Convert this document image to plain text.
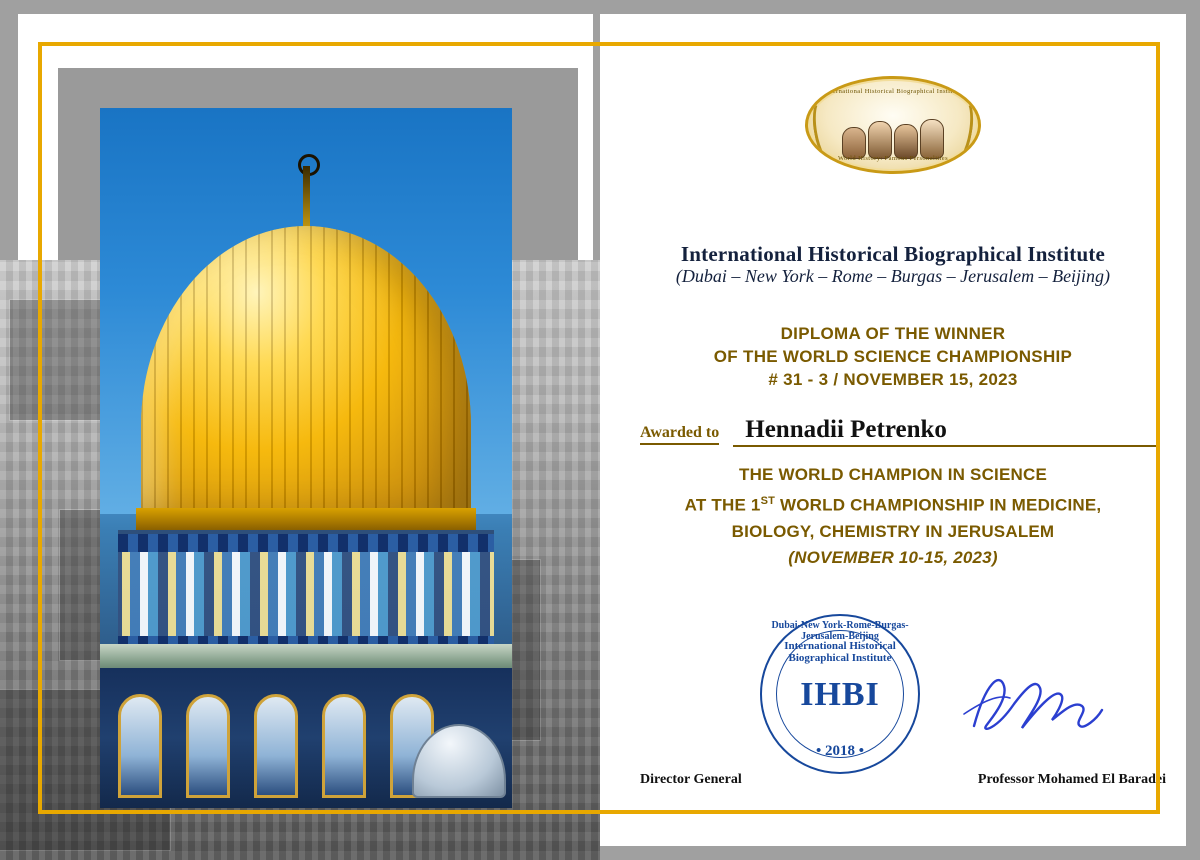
International Historical Biographical Institute
World History: Famous Personalities
International Historical Biographical Institute
(Dubai – New York – Rome – Burgas – Jerusalem – Beijing)
DIPLOMA OF THE WINNER
OF THE WORLD SCIENCE CHAMPIONSHIP
# 31 - 3 / NOVEMBER 15, 2023
Awarded to	Hennadii Petrenko
THE WORLD CHAMPION IN SCIENCE
AT THE 1ST WORLD CHAMPIONSHIP IN MEDICINE,
BIOLOGY, CHEMISTRY IN JERUSALEM
(NOVEMBER 10-15, 2023)
Dubai-New York-Rome-Burgas-Jerusalem-Beijing
International Historical Biographical Institute
IHBI
• 2018 •
Director General	Professor Mohamed El Baradei
